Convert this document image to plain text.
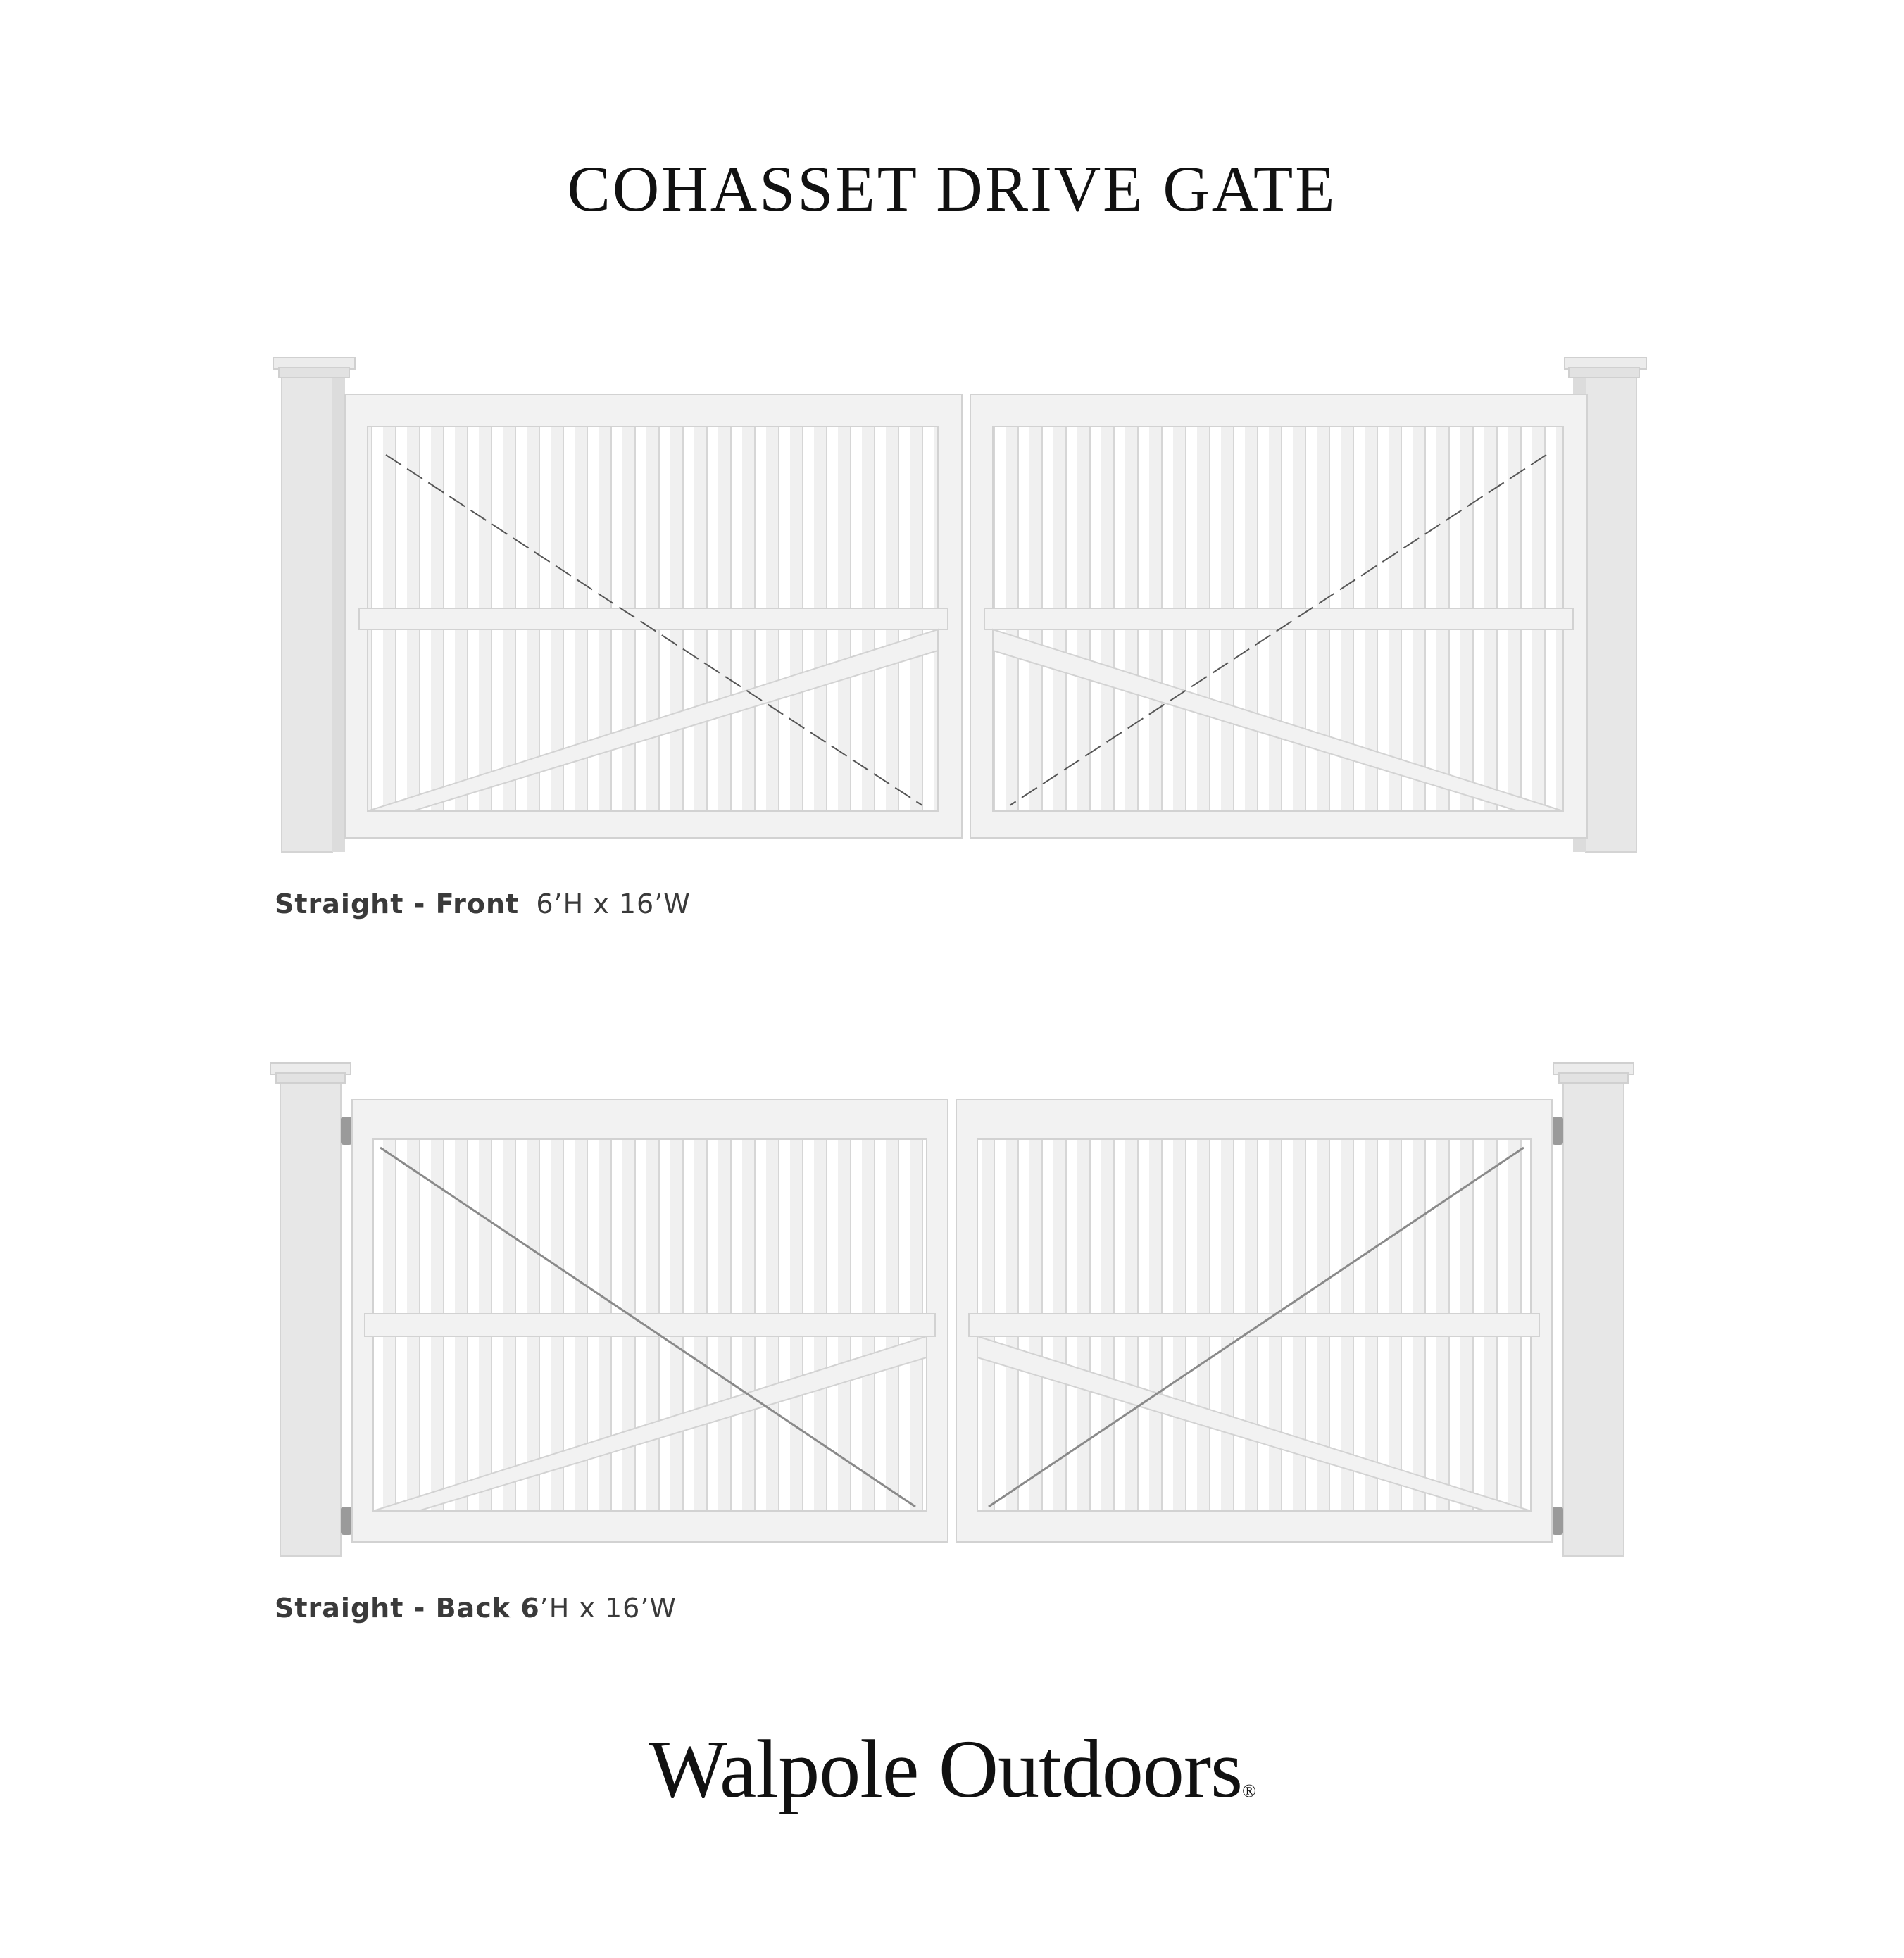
COHASSET DRIVE GATE

Straight - Front 6’H x 16’W

Straight - Back 6’H x 16’W

Walpole Outdoors®
